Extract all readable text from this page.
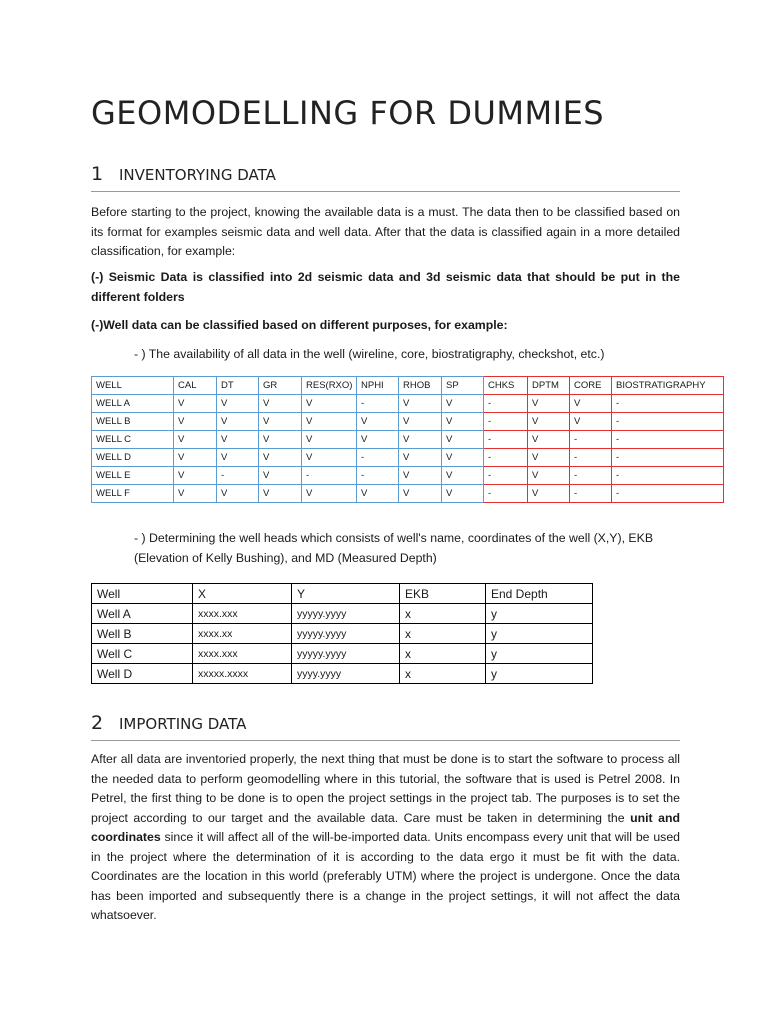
GEOMODELLING FOR DUMMIES
1 INVENTORYING DATA

Before starting to the project, knowing the available data is a must. The data then to be classified based on its format for examples seismic data and well data. After that the data is classified again in a more detailed classification, for example:

(-) Seismic Data is classified into 2d seismic data and 3d seismic data that should be put in the different folders

(-)Well data can be classified based on different purposes, for example:

- ) The availability of all data in the well (wireline, core, biostratigraphy, checkshot, etc.)

WELL	CAL	DT	GR	RES(RXO)	NPHI	RHOB	SP	CHKS	DPTM	CORE	BIOSTRATIGRAPHY
WELL A	V	V	V	V	-	V	V	-	V	V	-
WELL B	V	V	V	V	V	V	V	-	V	V	-
WELL C	V	V	V	V	V	V	V	-	V	-	-
WELL D	V	V	V	V	-	V	V	-	V	-	-
WELL E	V	-	V	-	-	V	V	-	V	-	-
WELL F	V	V	V	V	V	V	V	-	V	-	-

- ) Determining the well heads which consists of well's name, coordinates of the well (X,Y), EKB (Elevation of Kelly Bushing), and MD (Measured Depth)

Well	X	Y	EKB	End Depth
Well A	xxxx.xxx	yyyyy.yyyy	x	y
Well B	xxxx.xx	yyyyy.yyyy	x	y
Well C	xxxx.xxx	yyyyy.yyyy	x	y
Well D	xxxxx.xxxx	yyyy.yyyy	x	y
2 IMPORTING DATA

After all data are inventoried properly, the next thing that must be done is to start the software to process all the needed data to perform geomodelling where in this tutorial, the software that is used is Petrel 2008. In Petrel, the first thing to be done is to open the project settings in the project tab. The purposes is to set the project according to our target and the available data. Care must be taken in determining the unit and coordinates since it will affect all of the will-be-imported data. Units encompass every unit that will be used in the project where the determination of it is according to the data ergo it must be fit with the data. Coordinates are the location in this world (preferably UTM) where the project is undergone. Once the data has been imported and subsequently there is a change in the project settings, it will not affect the data whatsoever.
